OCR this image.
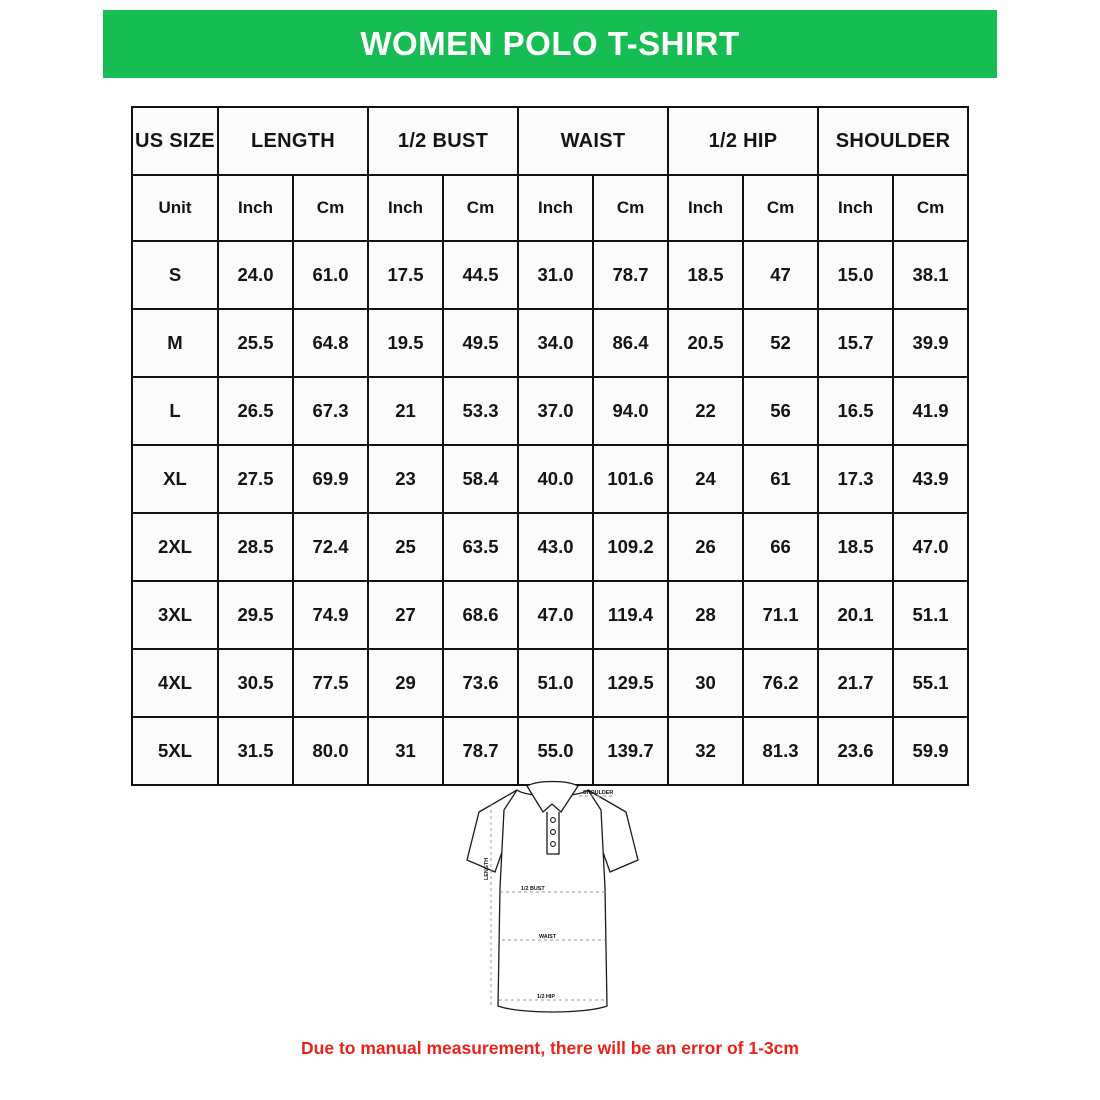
WOMEN POLO T-SHIRT
US SIZE	LENGTH		1/2 BUST		WAIST		1/2 HIP		SHOULDER	
Unit	Inch	Cm	Inch	Cm	Inch	Cm	Inch	Cm	Inch	Cm
S	24.0	61.0	17.5	44.5	31.0	78.7	18.5	47	15.0	38.1
M	25.5	64.8	19.5	49.5	34.0	86.4	20.5	52	15.7	39.9
L	26.5	67.3	21	53.3	37.0	94.0	22	56	16.5	41.9
XL	27.5	69.9	23	58.4	40.0	101.6	24	61	17.3	43.9
2XL	28.5	72.4	25	63.5	43.0	109.2	26	66	18.5	47.0
3XL	29.5	74.9	27	68.6	47.0	119.4	28	71.1	20.1	51.1
4XL	30.5	77.5	29	73.6	51.0	129.5	30	76.2	21.7	55.1
5XL	31.5	80.0	31	78.7	55.0	139.7	32	81.3	23.6	59.9
SHOULDER
1/2 BUST
WAIST
1/2 HIP
LENGTH
Due to manual measurement, there will be an error of 1-3cm
